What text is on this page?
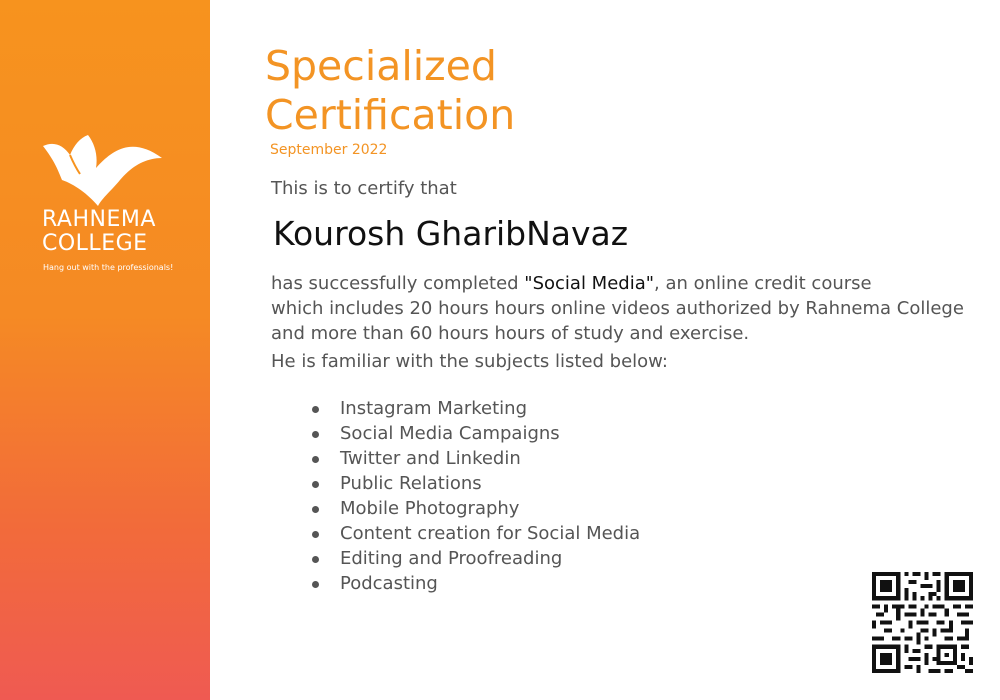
RAHNEMA
COLLEGE
Hang out with the professionals!
Specialized
Certification
September 2022
This is to certify that
Kourosh GharibNavaz
has successfully completed "Social Media", an online credit course
which includes 20 hours hours online videos authorized by Rahnema College
and more than 60 hours hours of study and exercise.
He is familiar with the subjects listed below:
Instagram Marketing
Social Media Campaigns
Twitter and Linkedin
Public Relations
Mobile Photography
Content creation for Social Media
Editing and Proofreading
Podcasting
